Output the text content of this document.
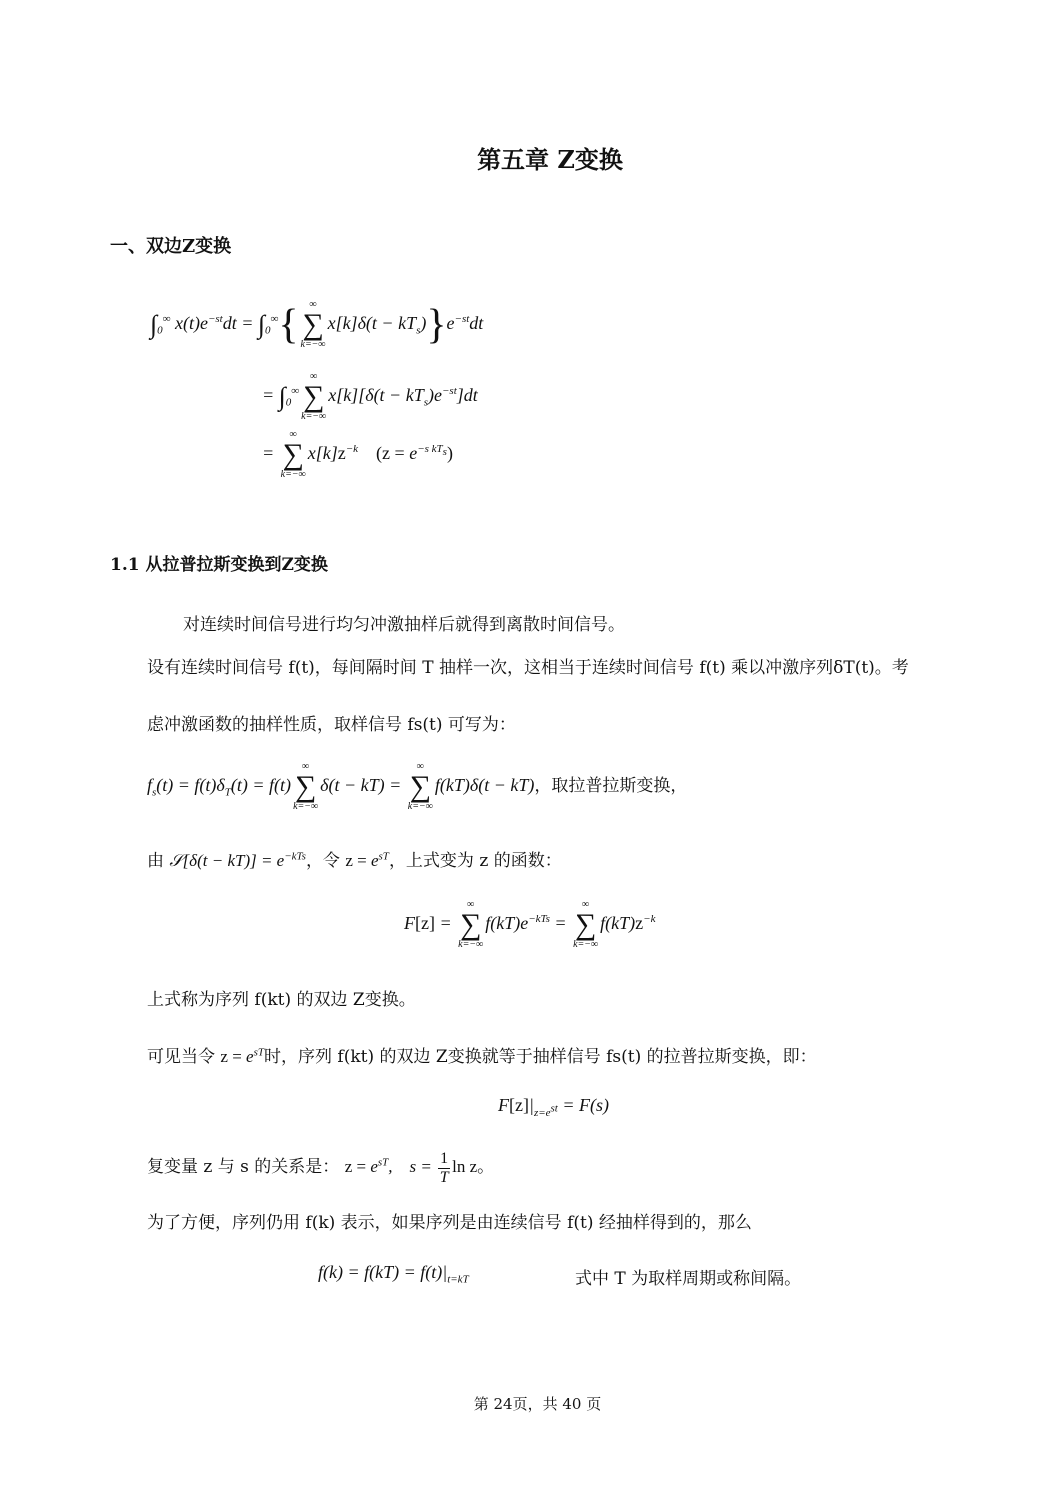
第五章 Z变换
一、双边Z变换
$\int_0^\infty$ $x(t)e^{-st}dt = \int_0^\infty${ ∞
∑
k=−∞
$x[k]\delta(t - kT_s)\}e^{-st}dt$
= $\int_0^\infty$
∞
∑
k=−∞
$x[k][\delta(t - kT_s)e^{-st}]dt$
=
∞
∑
k=−∞
$x[k]z^{-k}$ $(z = e^{-s kT_s})$
1.1 从拉普拉斯变换到Z变换
对连续时间信号进行均匀冲激抽样后就得到离散时间信号。
设有连续时间信号 f(t)，每间隔时间 T 抽样一次，这相当于连续时间信号 f(t) 乘以冲激序列δT(t)。考
虑冲激函数的抽样性质，取样信号 fs(t) 可写为：
$f_s(t) = f(t)\delta_T(t) = f(t)$
∞
∑
k=−∞
δ(t − kT) =
∞
∑
k=−∞
f(kT)δ(t − kT)，取拉普拉斯变换，
由 𝒮[δ(t − $kT)] = e^{-kTs}$，令 $z = e^{sT}$，上式变为 z 的函数：
F[z] =
∞
∑
k=−∞
$f(kT)e^{-kTs}$ =
∞
∑
k=−∞
$f(kT)z^{-k}$
上式称为序列 f(kt) 的双边 Z变换。
可见当令 $z = e^{sT}$时，序列 f(kt) 的双边 Z变换就等于抽样信号 fs(t) 的拉普拉斯变换，即：
$F[z]|_{z=e^{st}} = F(s)$
复变量 z 与 s 的关系是： $z = e^{sT}$,    $s = \frac{1}{T}$ ln z。
为了方便，序列仍用 f(k) 表示，如果序列是由连续信号 f(t) 经抽样得到的，那么
$f(k) = f(kT) = f(t)|_{t=kT}$	式中 T 为取样周期或称间隔。
第 24页，共 40 页
